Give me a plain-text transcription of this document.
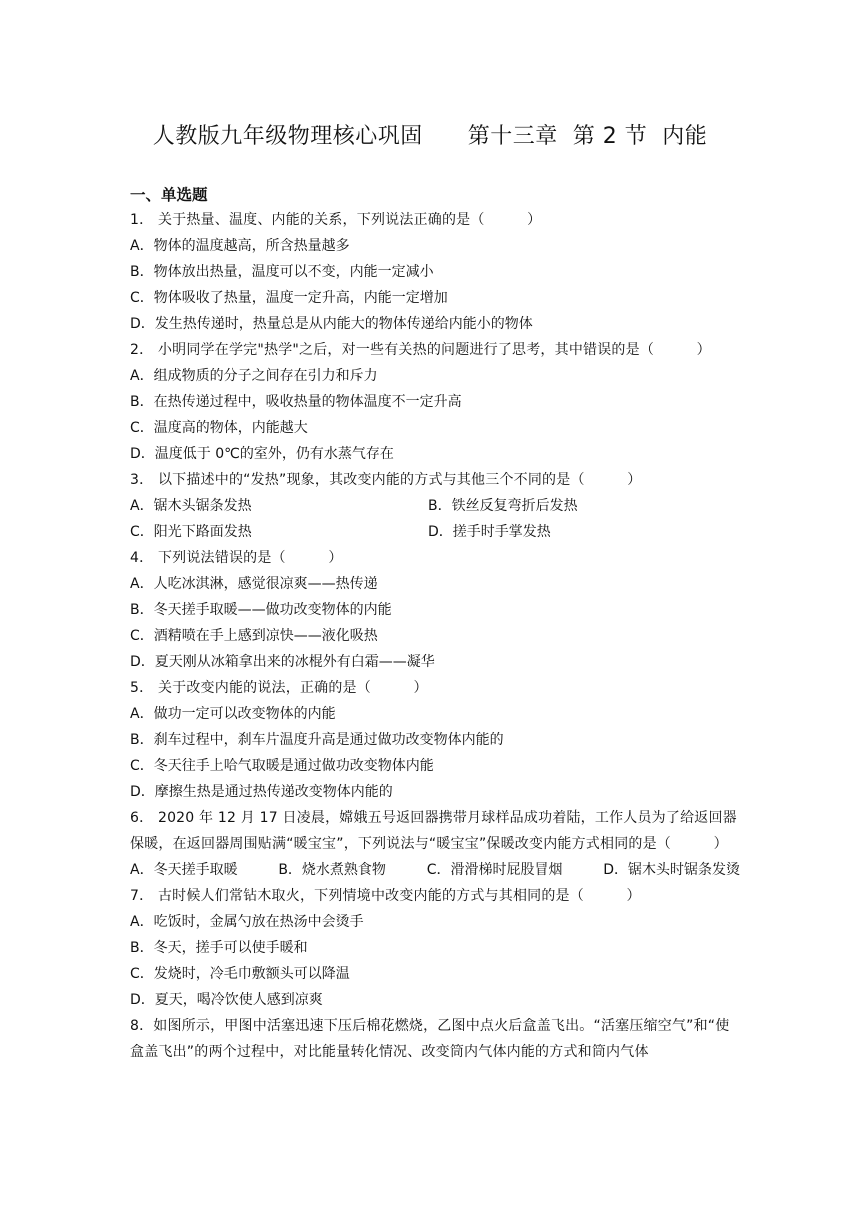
人教版九年级物理核心巩固      第十三章  第 2 节  内能
一、单选题

1． 关于热量、温度、内能的关系，下列说法正确的是（　　　）

A．物体的温度越高，所含热量越多

B．物体放出热量，温度可以不变，内能一定减小

C．物体吸收了热量，温度一定升高，内能一定增加

D．发生热传递时，热量总是从内能大的物体传递给内能小的物体

2． 小明同学在学完"热学"之后，对一些有关热的问题进行了思考，其中错误的是（　　　）

A．组成物质的分子之间存在引力和斥力

B．在热传递过程中，吸收热量的物体温度不一定升高

C．温度高的物体，内能越大

D．温度低于 0℃的室外，仍有水蒸气存在

3． 以下描述中的“发热”现象，其改变内能的方式与其他三个不同的是（　　　）

A．锯木头锯条发热	B．铁丝反复弯折后发热
C．阳光下路面发热	D．搓手时手掌发热

4． 下列说法错误的是（　　　）

A．人吃冰淇淋，感觉很凉爽——热传递

B．冬天搓手取暖——做功改变物体的内能

C．酒精喷在手上感到凉快——液化吸热

D．夏天刚从冰箱拿出来的冰棍外有白霜——凝华

5． 关于改变内能的说法，正确的是（　　　）

A．做功一定可以改变物体的内能

B．刹车过程中，刹车片温度升高是通过做功改变物体内能的

C．冬天往手上哈气取暖是通过做功改变物体内能

D．摩擦生热是通过热传递改变物体内能的

6． 2020 年 12 月 17 日凌晨，嫦娥五号返回器携带月球样品成功着陆，工作人员为了给返回器保暖，在返回器周围贴满“暖宝宝”，下列说法与“暖宝宝”保暖改变内能方式相同的是（　　　）

A．冬天搓手取暖	B．烧水煮熟食物	C．滑滑梯时屁股冒烟	D．锯木头时锯条发烫

7． 古时候人们常钻木取火，下列情境中改变内能的方式与其相同的是（　　　）

A．吃饭时，金属勺放在热汤中会烫手

B．冬天，搓手可以使手暖和

C．发烧时，冷毛巾敷额头可以降温

D．夏天，喝冷饮使人感到凉爽

8．如图所示，甲图中活塞迅速下压后棉花燃烧，乙图中点火后盒盖飞出。“活塞压缩空气”和“使盒盖飞出”的两个过程中，对比能量转化情况、改变筒内气体内能的方式和筒内气体
